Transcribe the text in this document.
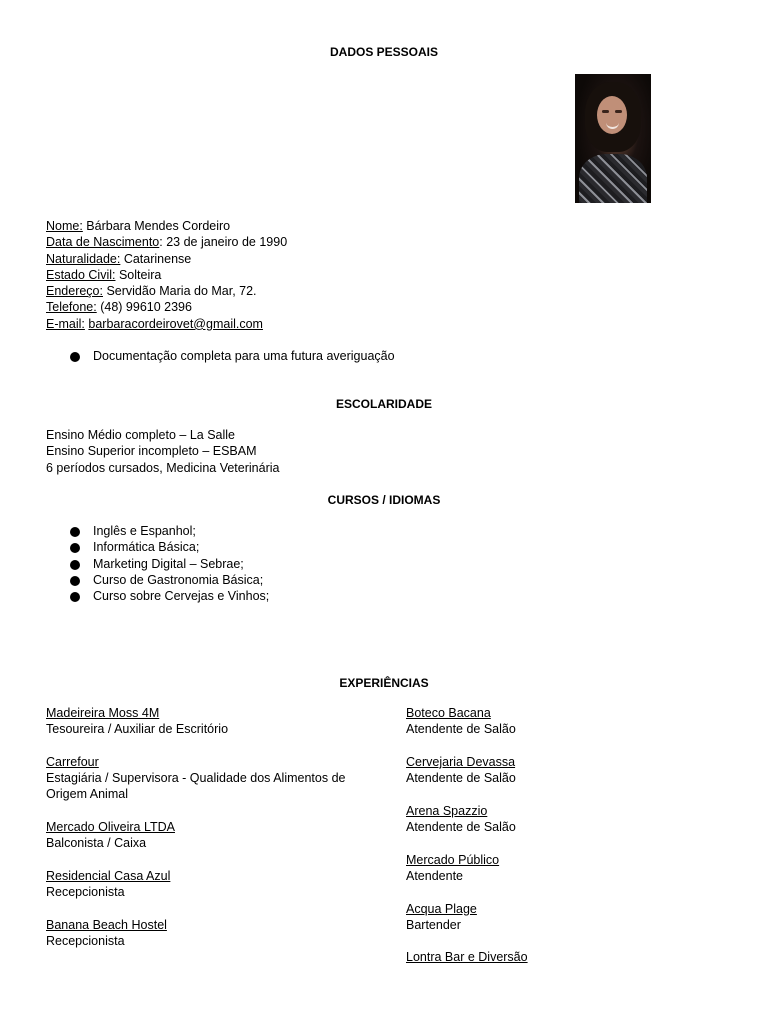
DADOS PESSOAIS
Nome: Bárbara Mendes Cordeiro
Data de Nascimento: 23 de janeiro de 1990
Naturalidade: Catarinense
Estado Civil: Solteira
Endereço: Servidão Maria do Mar, 72.
Telefone: (48) 99610 2396
E-mail: barbaracordeirovet@gmail.com
Documentação completa para uma futura averiguação
ESCOLARIDADE
Ensino Médio completo – La Salle
Ensino Superior incompleto – ESBAM
6 períodos cursados, Medicina Veterinária
CURSOS / IDIOMAS
Inglês e Espanhol;
Informática Básica;
Marketing Digital – Sebrae;
Curso de Gastronomia Básica;
Curso sobre Cervejas e Vinhos;
EXPERIÊNCIAS
Madeireira Moss 4M
Tesoureira / Auxiliar de Escritório
Carrefour
Estagiária / Supervisora - Qualidade dos Alimentos de Origem Animal
Mercado Oliveira LTDA
Balconista / Caixa
Residencial Casa Azul
Recepcionista
Banana Beach Hostel
Recepcionista
Boteco Bacana
Atendente de Salão
Cervejaria Devassa
Atendente de Salão
Arena Spazzio
Atendente de Salão
Mercado Público
Atendente
Acqua Plage
Bartender
Lontra Bar e Diversão
